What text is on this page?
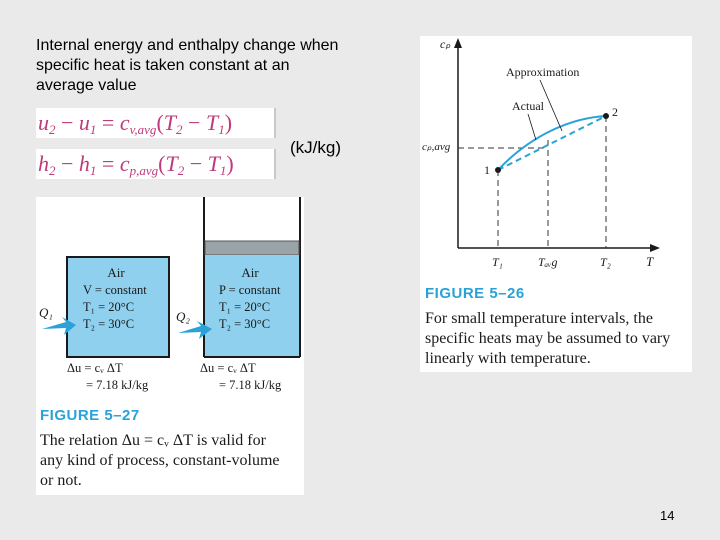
Internal energy and enthalpy change when
specific heat is taken constant at an
average value
$u_2 - u_1 = c_{v,avg}(T_2 - T_1)$
$h_2 - h_1 = c_{p,avg}(T_2 - T_1)$
(kJ/kg)
Air
V = constant
T₁ = 20°C
T₂ = 30°C
Q₁
Δu = cᵥ ΔT
= 7.18 kJ/kg
Air
P = constant
T₁ = 20°C
T₂ = 30°C
Q₂
Δu = cᵥ ΔT
= 7.18 kJ/kg
FIGURE 5–27
The relation Δu = cᵥ ΔT is valid for
any kind of process, constant-volume
or not.
cₚ
T
Approximation
Actual
cₚ,avg
1
2
T₁	Tₐᵥg	T₂
FIGURE 5–26
For small temperature intervals, the
specific heats may be assumed to vary
linearly with temperature.
14
